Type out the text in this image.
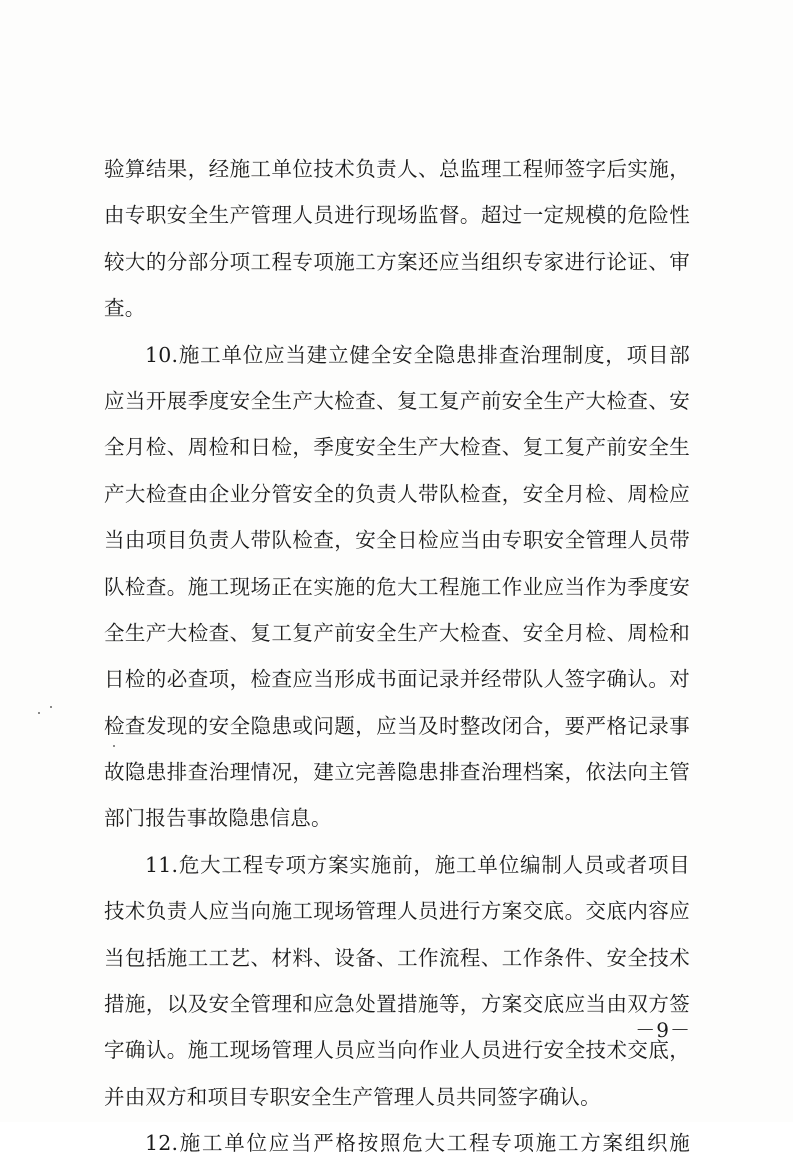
验算结果，经施工单位技术负责人、总监理工程师签字后实施，
由专职安全生产管理人员进行现场监督。超过一定规模的危险性
较大的分部分项工程专项施工方案还应当组织专家进行论证、审
查。
10.施工单位应当建立健全安全隐患排查治理制度，项目部
应当开展季度安全生产大检查、复工复产前安全生产大检查、安
全月检、周检和日检，季度安全生产大检查、复工复产前安全生
产大检查由企业分管安全的负责人带队检查，安全月检、周检应
当由项目负责人带队检查，安全日检应当由专职安全管理人员带
队检查。施工现场正在实施的危大工程施工作业应当作为季度安
全生产大检查、复工复产前安全生产大检查、安全月检、周检和
日检的必查项，检查应当形成书面记录并经带队人签字确认。对
检查发现的安全隐患或问题，应当及时整改闭合，要严格记录事
故隐患排查治理情况，建立完善隐患排查治理档案，依法向主管
部门报告事故隐患信息。
11.危大工程专项方案实施前，施工单位编制人员或者项目
技术负责人应当向施工现场管理人员进行方案交底。交底内容应
当包括施工工艺、材料、设备、工作流程、工作条件、安全技术
措施，以及安全管理和应急处置措施等，方案交底应当由双方签
字确认。施工现场管理人员应当向作业人员进行安全技术交底，
并由双方和项目专职安全生产管理人员共同签字确认。
12.施工单位应当严格按照危大工程专项施工方案组织施
－9－
